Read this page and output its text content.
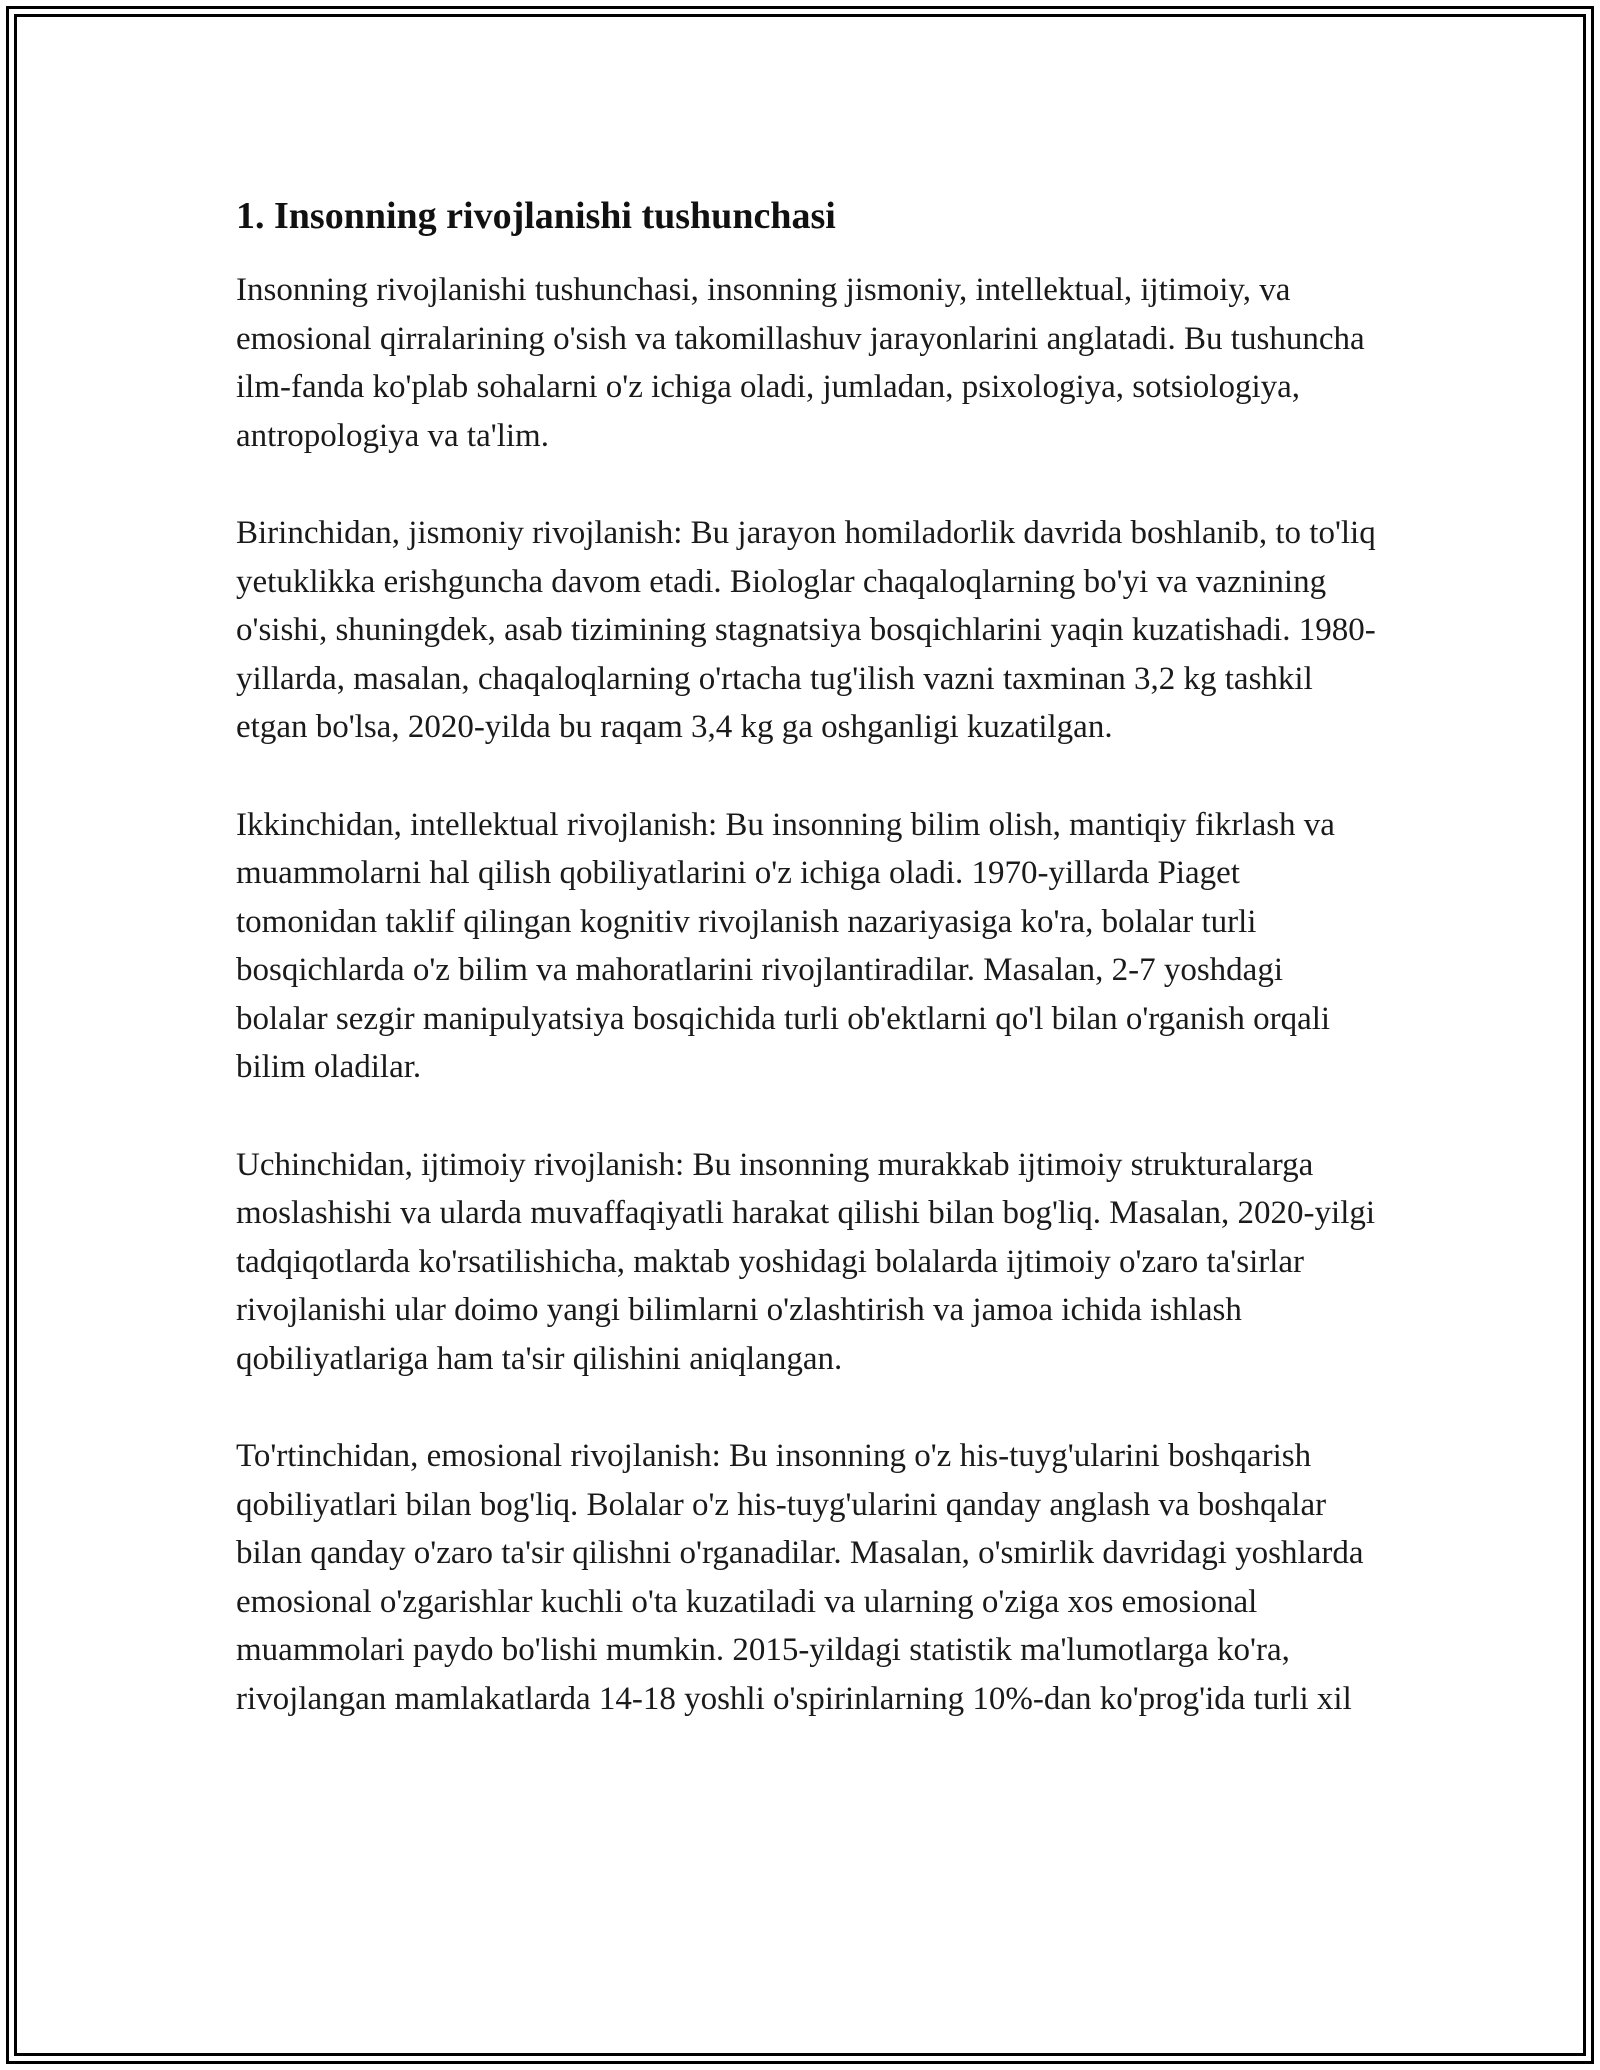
1. Insonning rivojlanishi tushunchasi

Insonning rivojlanishi tushunchasi, insonning jismoniy, intellektual, ijtimoiy, va emosional qirralarining o'sish va takomillashuv jarayonlarini anglatadi. Bu tushuncha ilm-fanda ko'plab sohalarni o'z ichiga oladi, jumladan, psixologiya, sotsiologiya, antropologiya va ta'lim.

Birinchidan, jismoniy rivojlanish: Bu jarayon homiladorlik davrida boshlanib, to to'liq yetuklikka erishguncha davom etadi. Biologlar chaqaloqlarning bo'yi va vaznining o'sishi, shuningdek, asab tizimining stagnatsiya bosqichlarini yaqin kuzatishadi. 1980-yillarda, masalan, chaqaloqlarning o'rtacha tug'ilish vazni taxminan 3,2 kg tashkil etgan bo'lsa, 2020-yilda bu raqam 3,4 kg ga oshganligi kuzatilgan.

Ikkinchidan, intellektual rivojlanish: Bu insonning bilim olish, mantiqiy fikrlash va muammolarni hal qilish qobiliyatlarini o'z ichiga oladi. 1970-yillarda Piaget tomonidan taklif qilingan kognitiv rivojlanish nazariyasiga ko'ra, bolalar turli bosqichlarda o'z bilim va mahoratlarini rivojlantiradilar. Masalan, 2-7 yoshdagi bolalar sezgir manipulyatsiya bosqichida turli ob'ektlarni qo'l bilan o'rganish orqali bilim oladilar.

Uchinchidan, ijtimoiy rivojlanish: Bu insonning murakkab ijtimoiy strukturalarga moslashishi va ularda muvaffaqiyatli harakat qilishi bilan bog'liq. Masalan, 2020-yilgi tadqiqotlarda ko'rsatilishicha, maktab yoshidagi bolalarda ijtimoiy o'zaro ta'sirlar rivojlanishi ular doimo yangi bilimlarni o'zlashtirish va jamoa ichida ishlash qobiliyatlariga ham ta'sir qilishini aniqlangan.

To'rtinchidan, emosional rivojlanish: Bu insonning o'z his-tuyg'ularini boshqarish qobiliyatlari bilan bog'liq. Bolalar o'z his-tuyg'ularini qanday anglash va boshqalar bilan qanday o'zaro ta'sir qilishni o'rganadilar. Masalan, o'smirlik davridagi yoshlarda emosional o'zgarishlar kuchli o'ta kuzatiladi va ularning o'ziga xos emosional muammolari paydo bo'lishi mumkin. 2015-yildagi statistik ma'lumotlarga ko'ra, rivojlangan mamlakatlarda 14-18 yoshli o'spirinlarning 10%-dan ko'prog'ida turli xil
